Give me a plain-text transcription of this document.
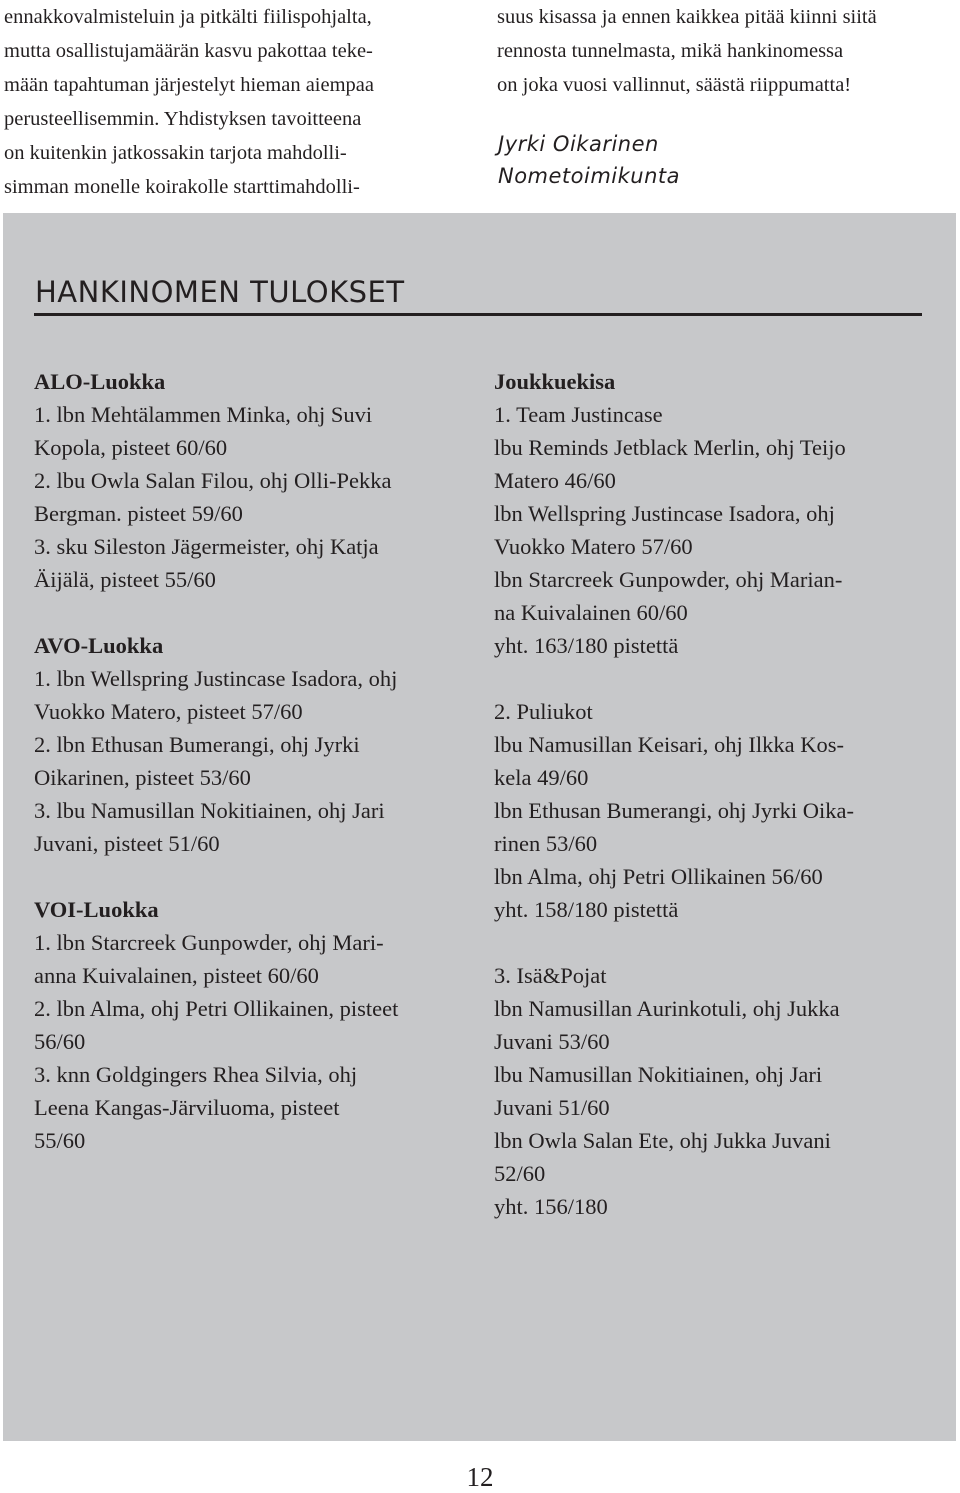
ennakkovalmisteluin ja pitkälti fiilispohjalta,
mutta osallistujamäärän kasvu pakottaa teke-
mään tapahtuman järjestelyt hieman aiempaa
perusteellisemmin. Yhdistyksen tavoitteena
on kuitenkin jatkossakin tarjota mahdolli-
simman monelle koirakolle starttimahdolli-
suus kisassa ja ennen kaikkea pitää kiinni siitä
rennosta tunnelmasta, mikä hankinomessa
on joka vuosi vallinnut, säästä riippumatta!
Jyrki Oikarinen
Nometoimikunta
HANKINOMEN TULOKSET
ALO-Luokka
1. lbn Mehtälammen Minka, ohj Suvi
Kopola, pisteet 60/60
2. lbu Owla Salan Filou, ohj Olli-Pekka
Bergman. pisteet 59/60
3. sku Sileston Jägermeister, ohj Katja
Äijälä, pisteet 55/60
AVO-Luokka
1. lbn Wellspring Justincase Isadora, ohj
Vuokko Matero, pisteet 57/60
2. lbn Ethusan Bumerangi, ohj Jyrki
Oikarinen, pisteet 53/60
3. lbu Namusillan Nokitiainen, ohj Jari
Juvani, pisteet 51/60
VOI-Luokka
1. lbn Starcreek Gunpowder, ohj Mari-
anna Kuivalainen, pisteet 60/60
2. lbn Alma, ohj Petri Ollikainen, pisteet
56/60
3. knn Goldgingers Rhea Silvia, ohj
Leena Kangas-Järviluoma, pisteet
55/60
Joukkuekisa
1. Team Justincase
lbu Reminds Jetblack Merlin, ohj Teijo
Matero 46/60
lbn Wellspring Justincase Isadora, ohj
Vuokko Matero 57/60
lbn Starcreek Gunpowder, ohj Marian-
na Kuivalainen 60/60
yht. 163/180 pistettä
2. Puliukot
lbu Namusillan Keisari, ohj Ilkka Kos-
kela 49/60
lbn Ethusan Bumerangi, ohj Jyrki Oika-
rinen 53/60
lbn Alma, ohj Petri Ollikainen 56/60
yht. 158/180 pistettä
3. Isä&Pojat
lbn Namusillan Aurinkotuli, ohj Jukka
Juvani 53/60
lbu Namusillan Nokitiainen, ohj Jari
Juvani 51/60
lbn Owla Salan Ete, ohj Jukka Juvani
52/60
yht. 156/180
12
